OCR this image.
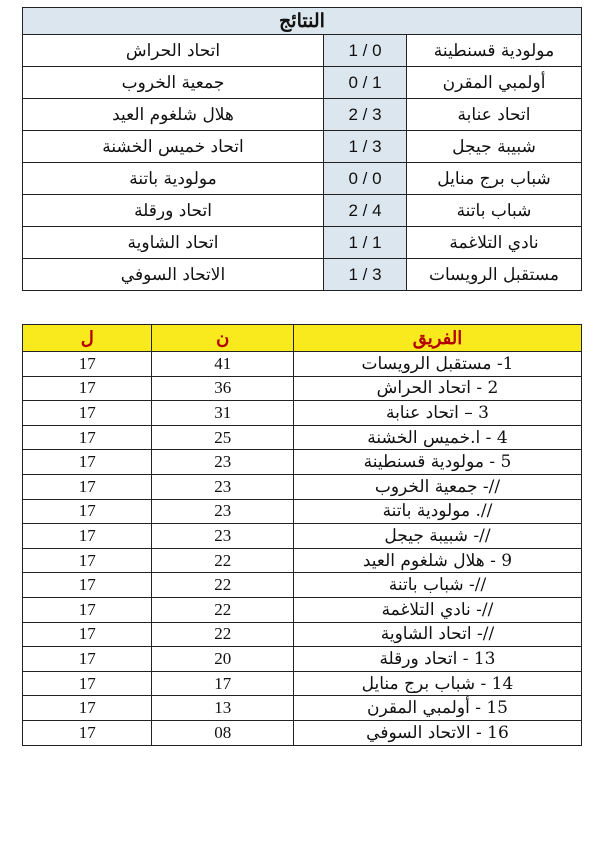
النتائج		
اتحاد الحراش	1 / 0	مولودية قسنطينة
جمعية الخروب	0 / 1	أولمبي المقرن
هلال شلغوم العيد	2 / 3	اتحاد عنابة
اتحاد خميس الخشنة	1 / 3	شبيبة جيجل
مولودية باتنة	0 / 0	شباب برج منايل
اتحاد ورقلة	2 / 4	شباب باتنة
اتحاد الشاوية	1 / 1	نادي التلاغمة
الاتحاد السوفي	1 / 3	مستقبل الرويسات
ل	ن	الفريق
17	41	1- مستقبل الرويسات
17	36	2 - اتحاد الحراش
17	31	3 – اتحاد عنابة
17	25	4 - ا.خميس الخشنة
17	23	5 - مولودية قسنطينة
17	23	//- جمعية الخروب
17	23	//. مولودية باتنة
17	23	//- شبيبة جيجل
17	22	9 - هلال شلغوم العيد
17	22	//- شباب باتنة
17	22	//- نادي التلاغمة
17	22	//- اتحاد الشاوية
17	20	13 - اتحاد ورقلة
17	17	14 - شباب برج منايل
17	13	15 - أولمبي المقرن
17	08	16 - الاتحاد السوفي
